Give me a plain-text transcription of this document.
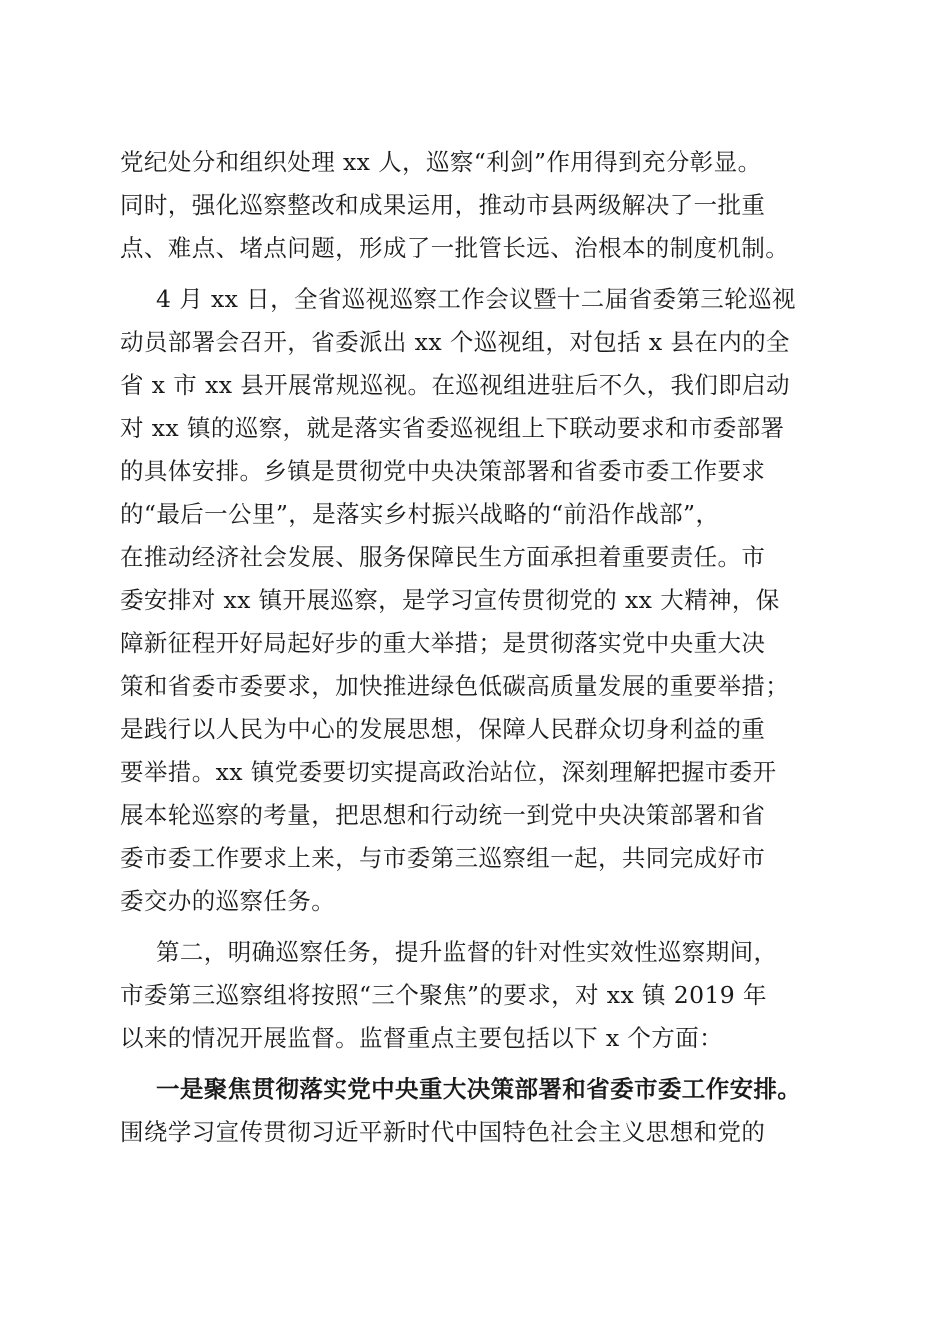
党纪处分和组织处理 xx 人，巡察“利剑”作用得到充分彰显。
同时，强化巡察整改和成果运用，推动市县两级解决了一批重
点、难点、堵点问题，形成了一批管长远、治根本的制度机制。
4 月 xx 日，全省巡视巡察工作会议暨十二届省委第三轮巡视
动员部署会召开，省委派出 xx 个巡视组，对包括 x 县在内的全
省 x 市 xx 县开展常规巡视。在巡视组进驻后不久，我们即启动
对 xx 镇的巡察，就是落实省委巡视组上下联动要求和市委部署
的具体安排。乡镇是贯彻党中央决策部署和省委市委工作要求
的“最后一公里”，是落实乡村振兴战略的“前沿作战部”，
在推动经济社会发展、服务保障民生方面承担着重要责任。市
委安排对 xx 镇开展巡察，是学习宣传贯彻党的 xx 大精神，保
障新征程开好局起好步的重大举措；是贯彻落实党中央重大决
策和省委市委要求，加快推进绿色低碳高质量发展的重要举措；
是践行以人民为中心的发展思想，保障人民群众切身利益的重
要举措。xx 镇党委要切实提高政治站位，深刻理解把握市委开
展本轮巡察的考量，把思想和行动统一到党中央决策部署和省
委市委工作要求上来，与市委第三巡察组一起，共同完成好市
委交办的巡察任务。
第二，明确巡察任务，提升监督的针对性实效性巡察期间，
市委第三巡察组将按照“三个聚焦”的要求，对 xx 镇 2019 年
以来的情况开展监督。监督重点主要包括以下 x 个方面：
一是聚焦贯彻落实党中央重大决策部署和省委市委工作安排。
围绕学习宣传贯彻习近平新时代中国特色社会主义思想和党的
